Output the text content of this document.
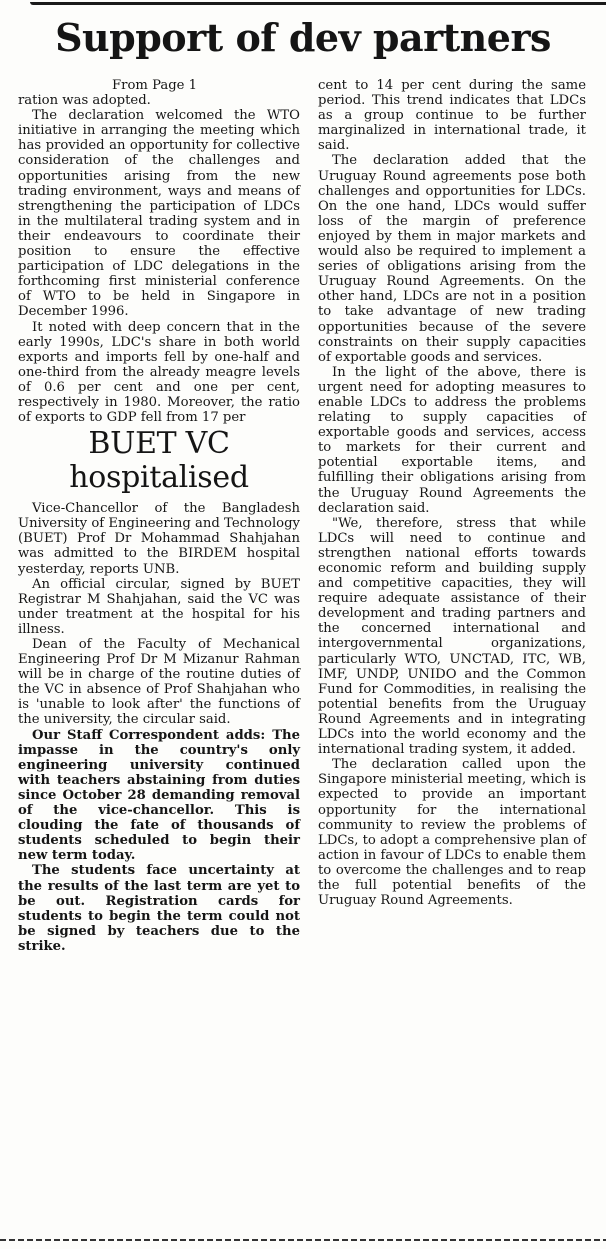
Support of dev partners

From Page 1

ration was adopted.

The declaration welcomed the WTO initiative in arranging the meeting which has provided an opportunity for collective consideration of the challenges and opportunities arising from the new trading environment, ways and means of strengthening the participation of LDCs in the multilateral trading system and in their endeavours to coordinate their position to ensure the effective participation of LDC delegations in the forthcoming first ministerial conference of WTO to be held in Singapore in December 1996.

It noted with deep concern that in the early 1990s, LDC's share in both world exports and imports fell by one-half and one-third from the already meagre levels of 0.6 per cent and one per cent, respectively in 1980. Moreover, the ratio of exports to GDP fell from 17 per

BUET VC
hospitalised

Vice-Chancellor of the Bangladesh University of Engineering and Technology (BUET) Prof Dr Mohammad Shahjahan was admitted to the BIRDEM hospital yesterday, reports UNB.

An official circular, signed by BUET Registrar M Shahjahan, said the VC was under treatment at the hospital for his illness.

Dean of the Faculty of Mechanical Engineering Prof Dr M Mizanur Rahman will be in charge of the routine duties of the VC in absence of Prof Shahjahan who is 'unable to look after' the functions of the university, the circular said.

Our Staff Correspondent adds: The impasse in the country's only engineering university continued with teachers abstaining from duties since October 28 demanding removal of the vice-chancellor. This is clouding the fate of thousands of students scheduled to begin their new term today.

The students face uncertainty at the results of the last term are yet to be out. Registration cards for students to begin the term could not be signed by teachers due to the strike.

cent to 14 per cent during the same period. This trend indicates that LDCs as a group continue to be further marginalized in international trade, it said.

The declaration added that the Uruguay Round agreements pose both challenges and opportunities for LDCs. On the one hand, LDCs would suffer loss of the margin of preference enjoyed by them in major markets and would also be required to implement a series of obligations arising from the Uruguay Round Agreements. On the other hand, LDCs are not in a position to take advantage of new trading opportunities because of the severe constraints on their supply capacities of exportable goods and services.

In the light of the above, there is urgent need for adopting measures to enable LDCs to address the problems relating to supply capacities of exportable goods and services, access to markets for their current and potential exportable items, and fulfilling their obligations arising from the Uruguay Round Agreements the declaration said.

"We, therefore, stress that while LDCs will need to continue and strengthen national efforts towards economic reform and building supply and competitive capacities, they will require adequate assistance of their development and trading partners and the concerned international and intergovernmental organizations, particularly WTO, UNCTAD, ITC, WB, IMF, UNDP, UNIDO and the Common Fund for Commodities, in realising the potential benefits from the Uruguay Round Agreements and in integrating LDCs into the world economy and the international trading system, it added.

The declaration called upon the Singapore ministerial meeting, which is expected to provide an important opportunity for the international community to review the problems of LDCs, to adopt a comprehensive plan of action in favour of LDCs to enable them to overcome the challenges and to reap the full potential benefits of the Uruguay Round Agreements.
